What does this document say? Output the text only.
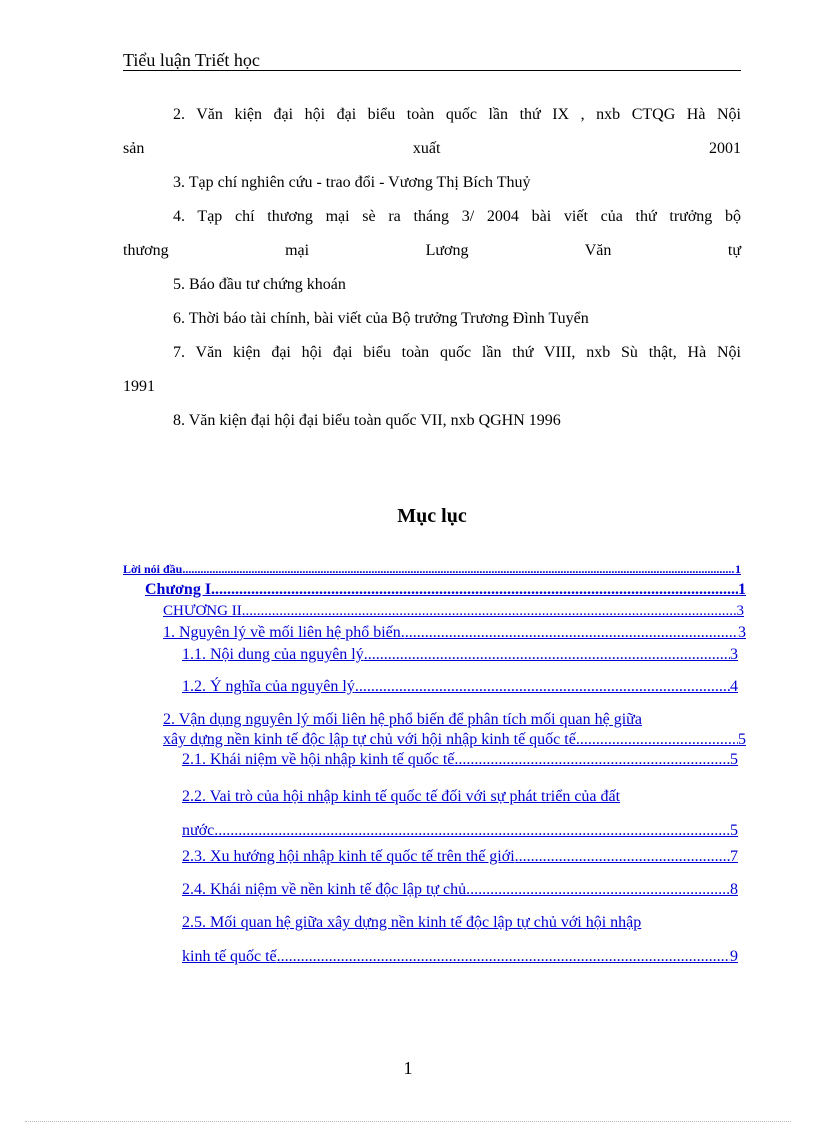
Tiểu luận Triết học

2. Văn kiện đại hội đại biểu toàn quốc lần thứ IX , nxb CTQG Hà Nội
sản xuất 2001

3. Tạp chí nghiên cứu - trao đổi - Vương Thị Bích Thuỷ

4. Tạp chí thương mại sè ra tháng 3/ 2004 bài viết của thứ trưởng bộ
thương mại Lương Văn tự

5. Báo đầu tư chứng khoán

6. Thời báo tài chính, bài viết của Bộ trưởng Trương Đình Tuyển

7. Văn kiện đại hội đại biểu toàn quốc lần thứ VIII, nxb Sù thật, Hà Nội
1991

8. Văn kiện đại hội đại biểu toàn quốc VII, nxb QGHN 1996

Mục lục
Lời nói đầu .....	1
Chương I .....	1
CHƯƠNG II .....	3
1. Nguyên lý về mối liên hệ phổ biến. .....	3
1.1. Nội dung của nguyên lý .....	3
1.2. Ý nghĩa của nguyên lý .....	4
2. Vận dụng nguyên lý mối liên hệ phổ biến để phân tích mối quan hệ giữa
xây dựng nền kinh tế độc lập tự chủ với hội nhập kinh tế quốc tế .....	5
2.1. Khái niệm về hội nhập kinh tế quốc tế .....	5
2.2. Vai trò của hội nhập kinh tế quốc tế đối với sự phát triển của đất
nước. .....	5
2.3. Xu hướng hội nhập kinh tế quốc tế trên thế giới .....	7
2.4. Khái niệm về nền kinh tế độc lập tự chủ .....	8
2.5. Mối quan hệ giữa xây dựng nền kinh tế độc lập tự chủ với hội nhập
kinh tế quốc tế .....	9
1
